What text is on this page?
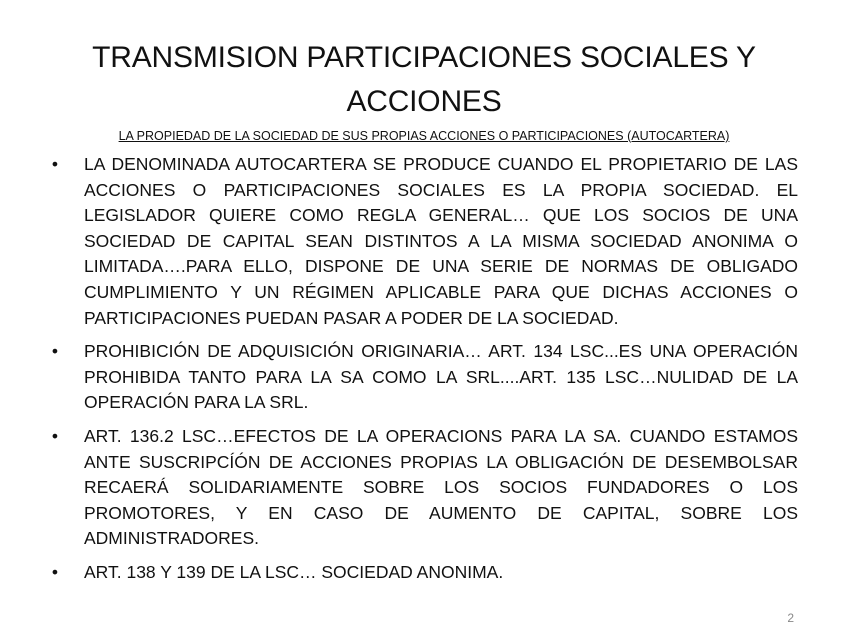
TRANSMISION PARTICIPACIONES SOCIALES Y ACCIONES
LA PROPIEDAD DE LA SOCIEDAD DE SUS PROPIAS ACCIONES O PARTICIPACIONES (AUTOCARTERA)
• LA DENOMINADA AUTOCARTERA SE PRODUCE CUANDO EL PROPIETARIO DE LAS ACCIONES O PARTICIPACIONES SOCIALES ES LA PROPIA SOCIEDAD. EL LEGISLADOR QUIERE COMO REGLA GENERAL… QUE LOS SOCIOS DE UNA SOCIEDAD DE CAPITAL SEAN DISTINTOS A LA MISMA SOCIEDAD ANONIMA O LIMITADA….PARA ELLO, DISPONE DE UNA SERIE DE NORMAS DE OBLIGADO CUMPLIMIENTO Y UN RÉGIMEN APLICABLE PARA QUE DICHAS ACCIONES O PARTICIPACIONES PUEDAN PASAR A PODER DE LA SOCIEDAD.
• PROHIBICIÓN DE ADQUISICIÓN ORIGINARIA… ART. 134 LSC...ES UNA OPERACIÓN PROHIBIDA TANTO PARA LA SA COMO LA SRL....ART. 135 LSC…NULIDAD DE LA OPERACIÓN PARA LA SRL.
• ART. 136.2 LSC…EFECTOS DE LA OPERACIONS PARA LA SA. CUANDO ESTAMOS ANTE SUSCRIPCÍÓN DE ACCIONES PROPIAS LA OBLIGACIÓN DE DESEMBOLSAR RECAERÁ SOLIDARIAMENTE SOBRE LOS SOCIOS FUNDADORES O LOS PROMOTORES, Y EN CASO DE AUMENTO DE CAPITAL, SOBRE LOS ADMINISTRADORES.
• ART. 138 Y 139 DE LA LSC… SOCIEDAD ANONIMA.
2
